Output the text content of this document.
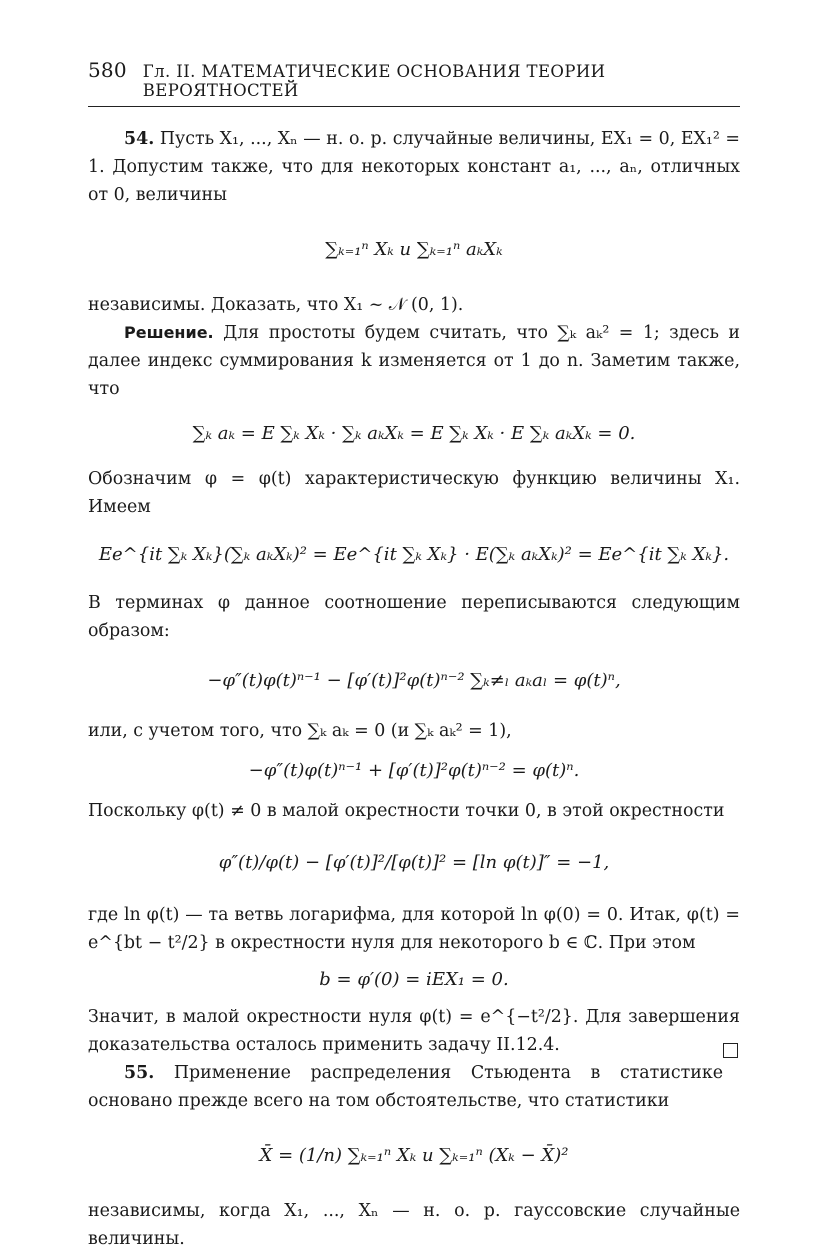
580 Гл. II. МАТЕМАТИЧЕСКИЕ ОСНОВАНИЯ ТЕОРИИ ВЕРОЯТНОСТЕЙ
54. Пусть X₁, ..., Xₙ — н. о. р. случайные величины, EX₁ = 0, EX₁² = 1. Допустим также, что для некоторых констант a₁, ..., aₙ, отличных от 0, величины
∑ₖ₌₁ⁿ Xₖ и ∑ₖ₌₁ⁿ aₖXₖ
независимы. Доказать, что X₁ ~ 𝒩 (0, 1).
Решение. Для простоты будем считать, что ∑ₖ aₖ² = 1; здесь и далее индекс суммирования k изменяется от 1 до n. Заметим также, что
∑ₖ aₖ = E ∑ₖ Xₖ · ∑ₖ aₖXₖ = E ∑ₖ Xₖ · E ∑ₖ aₖXₖ = 0.
Обозначим φ = φ(t) характеристическую функцию величины X₁. Имеем
Ee^{it ∑ₖ Xₖ}(∑ₖ aₖXₖ)² = Ee^{it ∑ₖ Xₖ} · E(∑ₖ aₖXₖ)² = Ee^{it ∑ₖ Xₖ}.
В терминах φ данное соотношение переписываются следующим образом:
−φ″(t)φ(t)ⁿ⁻¹ − [φ′(t)]²φ(t)ⁿ⁻² ∑ₖ≠ₗ aₖaₗ = φ(t)ⁿ,
или, с учетом того, что ∑ₖ aₖ = 0 (и ∑ₖ aₖ² = 1),
−φ″(t)φ(t)ⁿ⁻¹ + [φ′(t)]²φ(t)ⁿ⁻² = φ(t)ⁿ.
Поскольку φ(t) ≠ 0 в малой окрестности точки 0, в этой окрестности
φ″(t)/φ(t) − [φ′(t)]²/[φ(t)]² = [ln φ(t)]″ = −1,
где ln φ(t) — та ветвь логарифма, для которой ln φ(0) = 0. Итак, φ(t) = e^{bt − t²/2} в окрестности нуля для некоторого b ∈ ℂ. При этом
b = φ′(0) = iEX₁ = 0.
Значит, в малой окрестности нуля φ(t) = e^{−t²/2}. Для завершения доказательства осталось применить задачу II.12.4.
55. Применение распределения Стьюдента в статистике основано прежде всего на том обстоятельстве, что статистики
X̄ = (1/n) ∑ₖ₌₁ⁿ Xₖ и ∑ₖ₌₁ⁿ (Xₖ − X̄)²
независимы, когда X₁, ..., Xₙ — н. о. р. гауссовские случайные величины.
